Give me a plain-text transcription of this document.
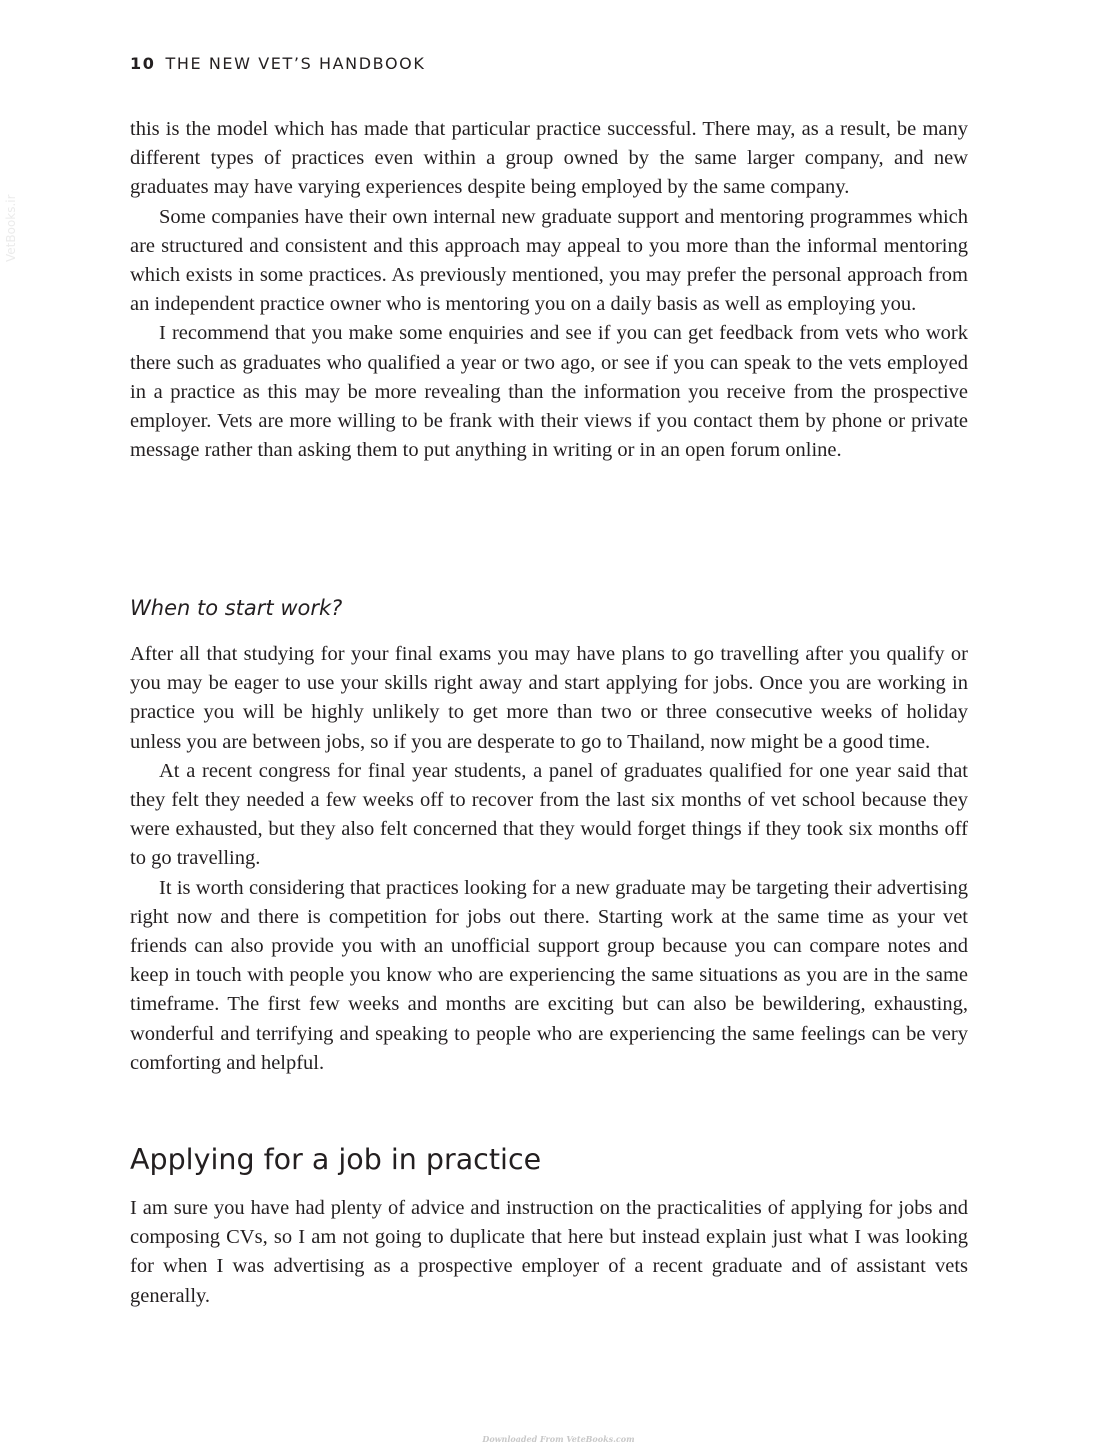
VetBooks.ir
10 THE NEW VET’S HANDBOOK

this is the model which has made that particular practice successful. There may, as a result, be many different types of practices even within a group owned by the same larger company, and new graduates may have varying experiences despite being employed by the same company.

Some companies have their own internal new graduate support and mentoring programmes which are structured and consistent and this approach may appeal to you more than the informal mentoring which exists in some practices. As previously mentioned, you may prefer the personal approach from an independent practice owner who is mentoring you on a daily basis as well as employing you.

I recommend that you make some enquiries and see if you can get feedback from vets who work there such as graduates who qualified a year or two ago, or see if you can speak to the vets employed in a practice as this may be more revealing than the information you receive from the prospective employer. Vets are more willing to be frank with their views if you contact them by phone or private message rather than asking them to put anything in writing or in an open forum online.

When to start work?

After all that studying for your final exams you may have plans to go travelling after you qualify or you may be eager to use your skills right away and start applying for jobs. Once you are working in practice you will be highly unlikely to get more than two or three consecutive weeks of holiday unless you are between jobs, so if you are desperate to go to Thailand, now might be a good time.

At a recent congress for final year students, a panel of graduates qualified for one year said that they felt they needed a few weeks off to recover from the last six months of vet school because they were exhausted, but they also felt concerned that they would forget things if they took six months off to go travelling.

It is worth considering that practices looking for a new graduate may be targeting their advertising right now and there is competition for jobs out there. Starting work at the same time as your vet friends can also provide you with an unofficial support group because you can compare notes and keep in touch with people you know who are experiencing the same situations as you are in the same timeframe. The first few weeks and months are exciting but can also be bewildering, exhausting, wonderful and terrifying and speaking to people who are experiencing the same feelings can be very comforting and helpful.

Applying for a job in practice

I am sure you have had plenty of advice and instruction on the practicalities of applying for jobs and composing CVs, so I am not going to duplicate that here but instead explain just what I was looking for when I was advertising as a prospective employer of a recent graduate and of assistant vets generally.

Downloaded From VeteBooks.com
